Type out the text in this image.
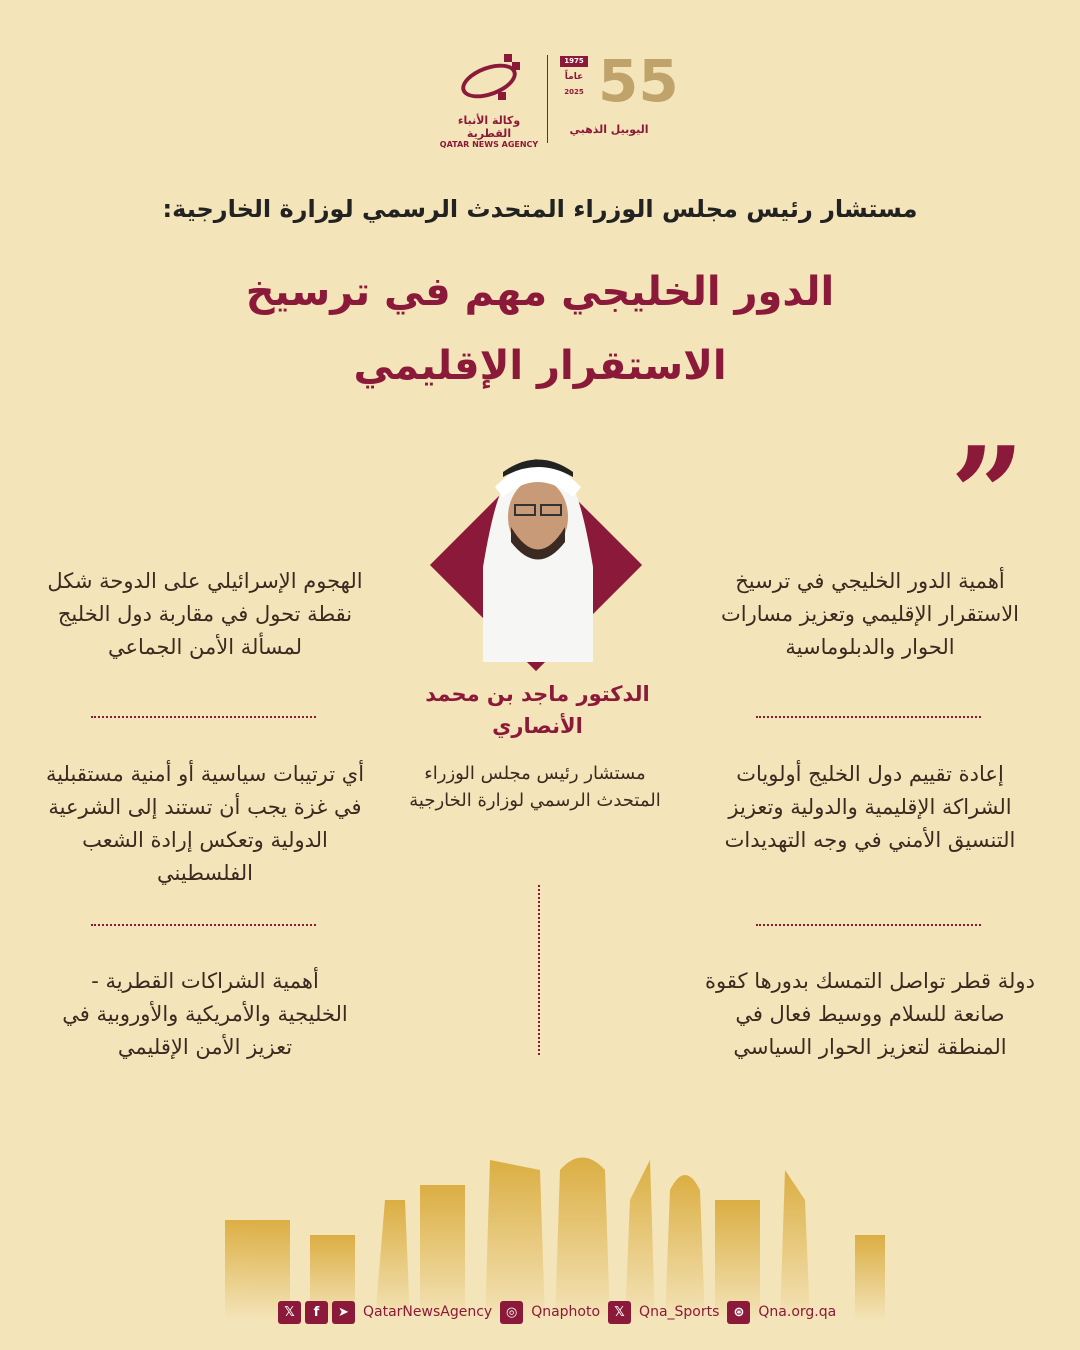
وكالة الأنباء القطرية
QATAR NEWS AGENCY
1975
عاماً
2025 55
اليوبيل الذهبي
مستشار رئيس مجلس الوزراء المتحدث الرسمي لوزارة الخارجية:
الدور الخليجي مهم في ترسيخ
الاستقرار الإقليمي
”
الدكتور ماجد بن محمد
الأنصاري
مستشار رئيس مجلس الوزراء المتحدث الرسمي لوزارة الخارجية
أهمية الدور الخليجي في ترسيخ الاستقرار الإقليمي وتعزيز مسارات الحوار والدبلوماسية
إعادة تقييم دول الخليج أولويات الشراكة الإقليمية والدولية وتعزيز التنسيق الأمني في وجه التهديدات
دولة قطر تواصل التمسك بدورها كقوة صانعة للسلام ووسيط فعال في المنطقة لتعزيز الحوار السياسي
الهجوم الإسرائيلي على الدوحة شكل نقطة تحول في مقاربة دول الخليج لمسألة الأمن الجماعي
أي ترتيبات سياسية أو أمنية مستقبلية في غزة يجب أن تستند إلى الشرعية الدولية وتعكس إرادة الشعب الفلسطيني
أهمية الشراكات القطرية - الخليجية والأمريكية والأوروبية في تعزيز الأمن الإقليمي
𝕏	f	➤	QatarNewsAgency	◎ Qnaphoto	𝕏	Qna_Sports	⊛	Qna.org.qa
